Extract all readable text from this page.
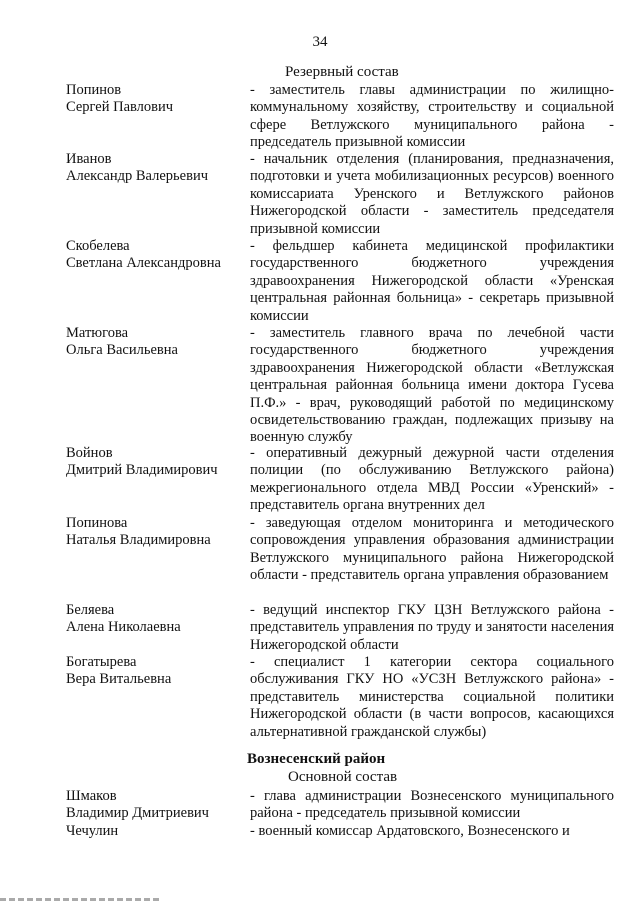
34
Резервный состав
Попинов
Сергей Павлович
- заместитель главы администрации по жилищно-коммунальному хозяйству, строительству и социальной сфере Ветлужского муниципального района - председатель призывной комиссии
Иванов
Александр Валерьевич
- начальник отделения (планирования, предназначения, подготовки и учета мобилизационных ресурсов) военного комиссариата Уренского и Ветлужского районов Нижегородской области - заместитель председателя призывной комиссии
Скобелева
Светлана Александровна
- фельдшер кабинета медицинской профилактики государственного бюджетного учреждения здравоохранения Нижегородской области «Уренская центральная районная больница» - секретарь призывной комиссии
Матюгова
Ольга Васильевна
- заместитель главного врача по лечебной части государственного бюджетного учреждения здравоохранения Нижегородской области «Ветлужская центральная районная больница имени доктора Гусева П.Ф.» - врач, руководящий работой по медицинскому освидетельствованию граждан, подлежащих призыву на военную службу
Войнов
Дмитрий Владимирович
- оперативный дежурный дежурной части отделения полиции (по обслуживанию Ветлужского района) межрегионального отдела МВД России «Уренский» - представитель органа внутренних дел
Попинова
Наталья Владимировна
- заведующая отделом мониторинга и методического сопровождения управления образования администрации Ветлужского муниципального района Нижегородской области - представитель органа управления образованием
Беляева
Алена Николаевна
- ведущий инспектор ГКУ ЦЗН Ветлужского района - представитель управления по труду и занятости населения Нижегородской области
Богатырева
Вера Витальевна
- специалист 1 категории сектора социального обслуживания ГКУ НО «УСЗН Ветлужского района» - представитель министерства социальной политики Нижегородской области (в части вопросов, касающихся альтернативной гражданской службы)
Вознесенский район
Основной состав
Шмаков
Владимир Дмитриевич
- глава администрации Вознесенского муниципального района - председатель призывной комиссии
Чечулин	- военный комиссар Ардатовского, Вознесенского и
